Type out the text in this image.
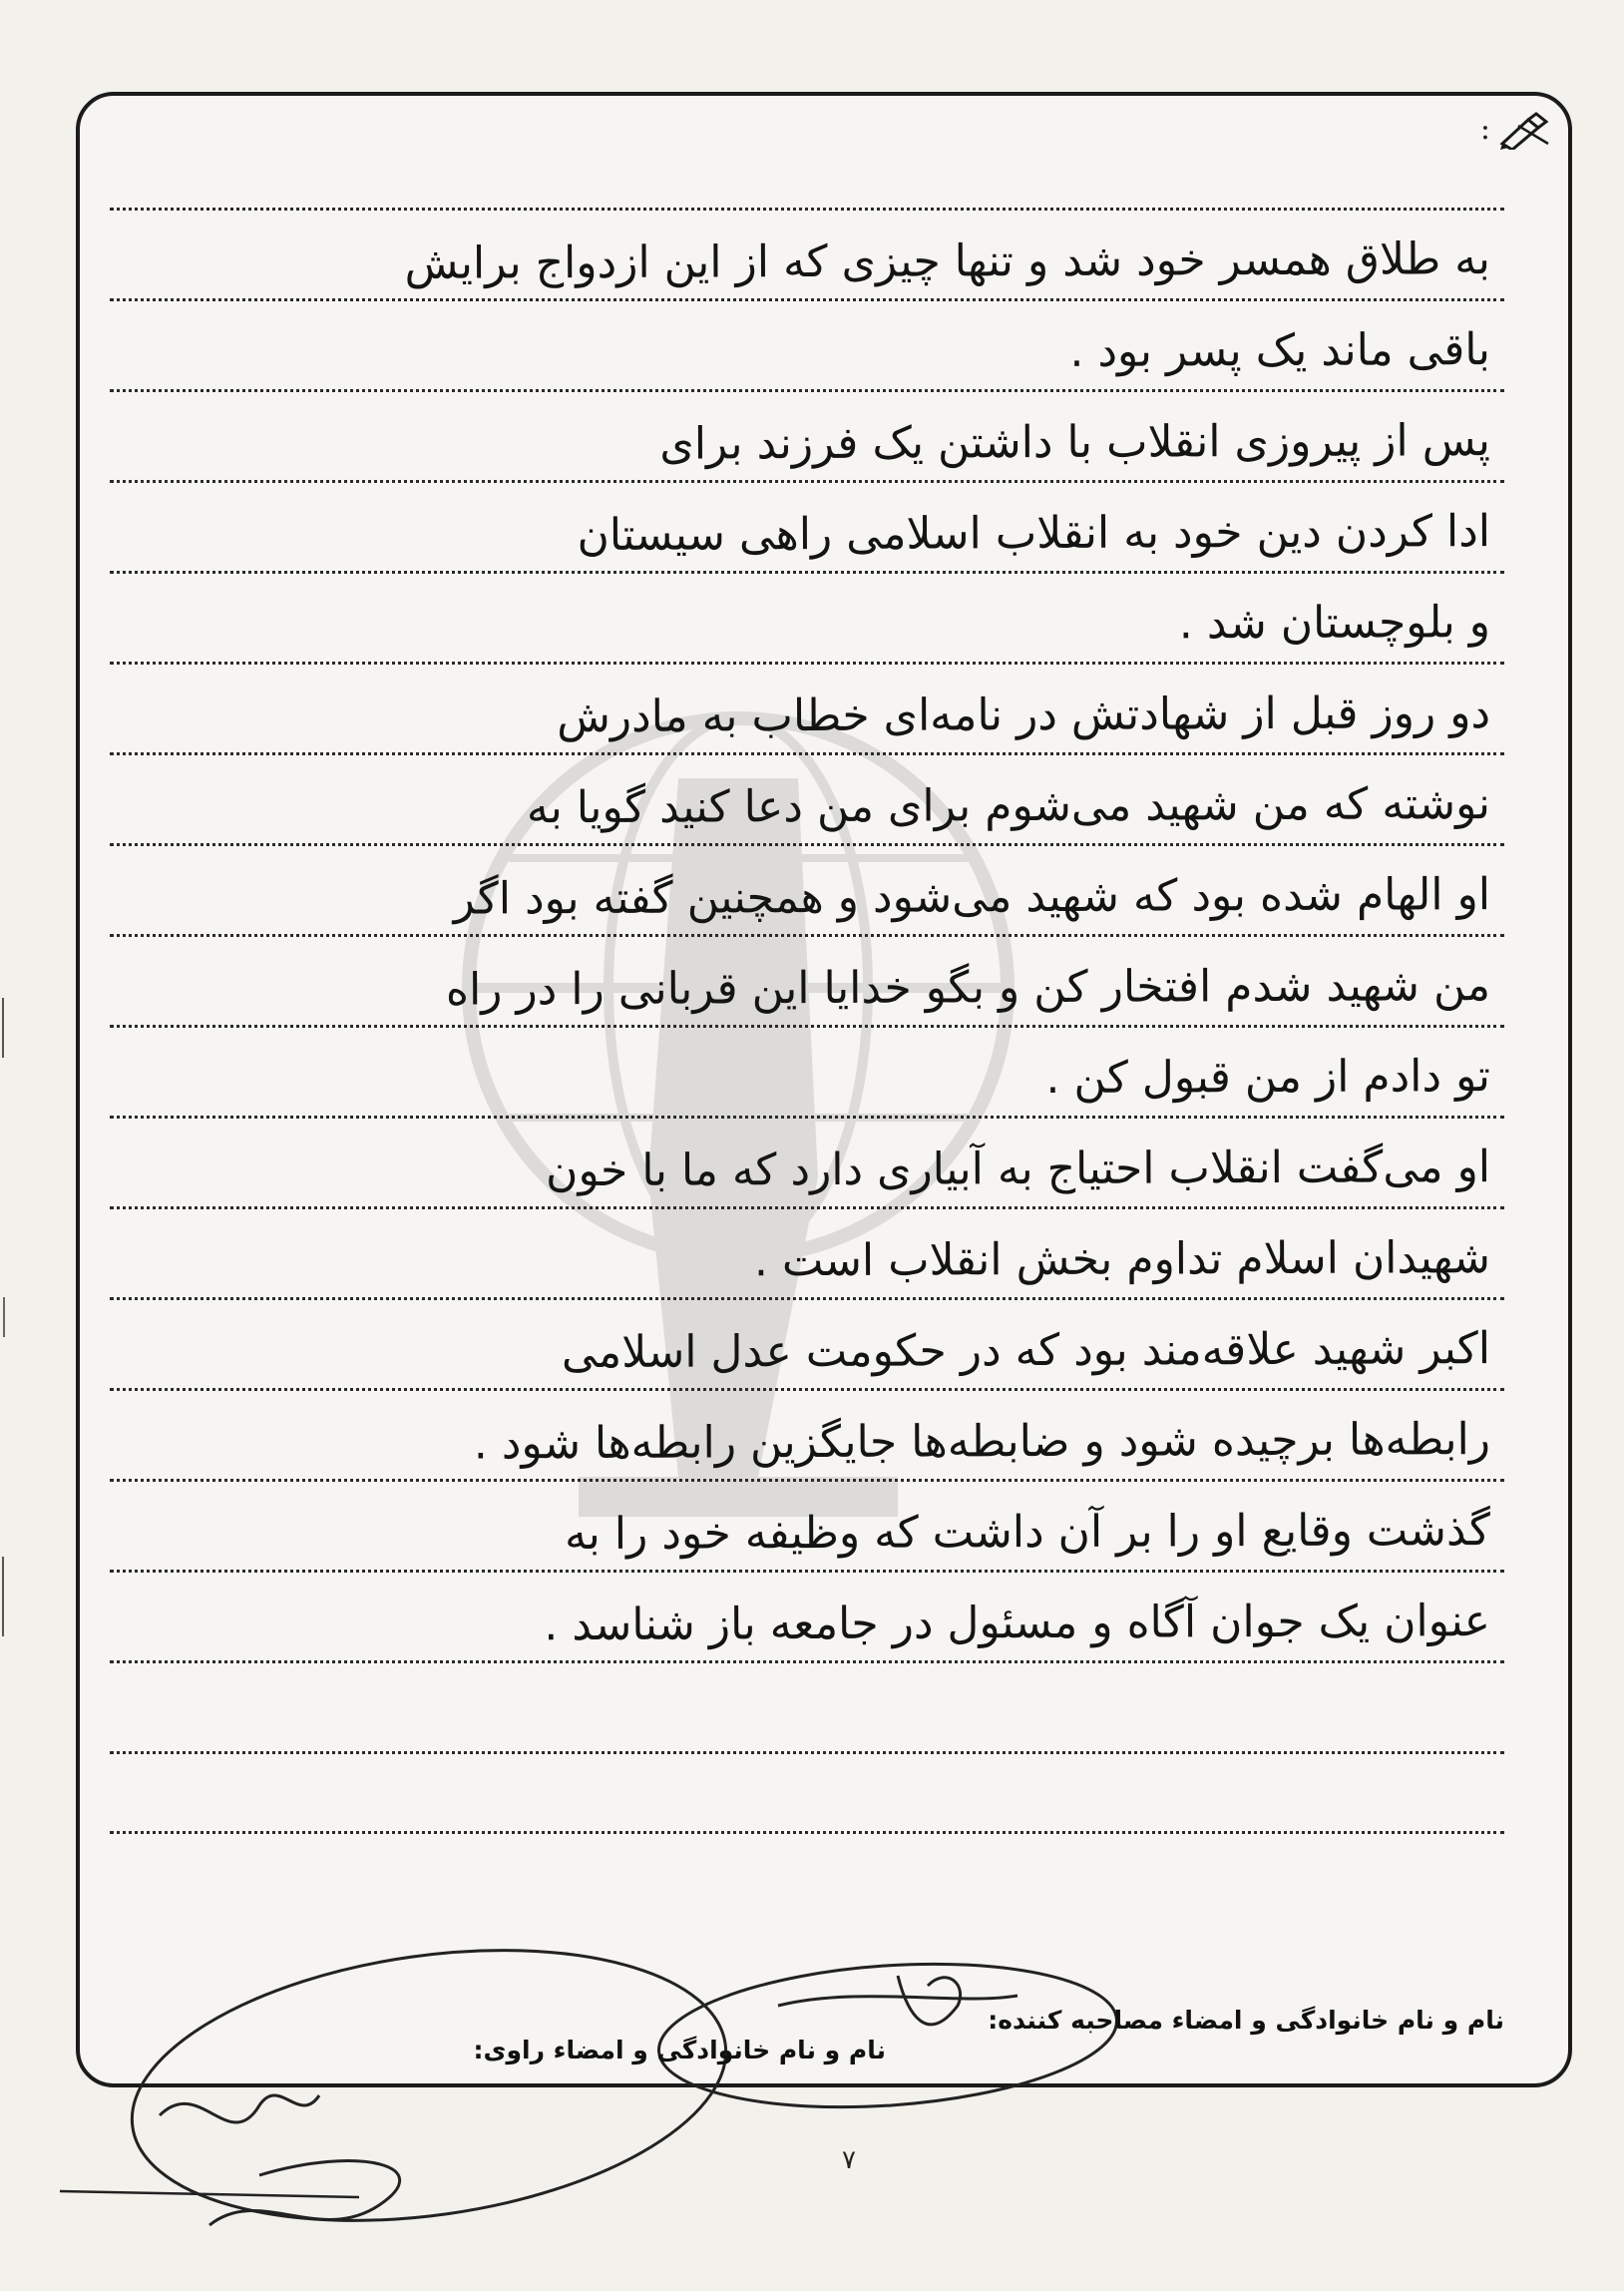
:
به طلاق همسر خود شد و تنها چیزی که از این ازدواج برایش
باقی ماند یک پسر بود .
پس از پیروزی انقلاب با داشتن یک فرزند برای
ادا کردن دین خود به انقلاب اسلامی راهی سیستان
و بلوچستان شد .
دو روز قبل از شهادتش در نامه‌ای خطاب به مادرش
نوشته که من شهید می‌شوم برای من دعا کنید گویا به
او الهام شده بود که شهید می‌شود و همچنین گفته بود اگر
من شهید شدم افتخار کن و بگو خدایا این قربانی را در راه
تو دادم از من قبول کن .
او می‌گفت انقلاب احتیاج به آبیاری دارد که ما با خون
شهیدان اسلام تداوم بخش انقلاب است .
اکبر شهید علاقه‌مند بود که در حکومت عدل اسلامی
رابطه‌ها برچیده شود و ضابطه‌ها جایگزین رابطه‌ها شود .
گذشت وقایع او را بر آن داشت که وظیفه خود را به
عنوان یک جوان آگاه و مسئول در جامعه باز شناسد .
نام و نام خانوادگی و امضاء مصاحبه کننده:
نام و نام خانوادگی و امضاء راوی:
۷
